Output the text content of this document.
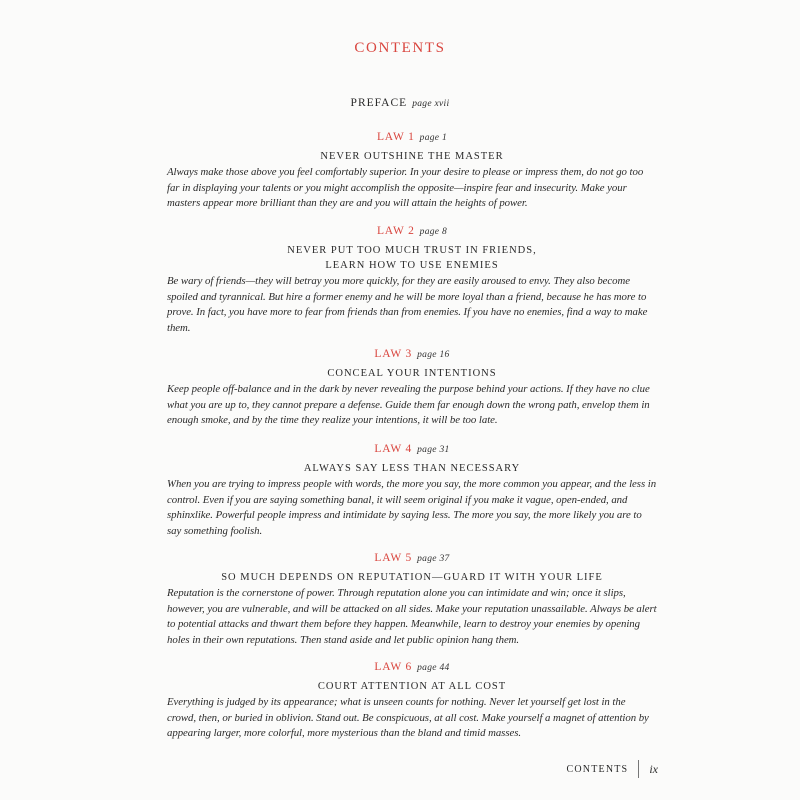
CONTENTS
PREFACE page xvii
LAW 1 page 1
NEVER OUTSHINE THE MASTER
Always make those above you feel comfortably superior. In your desire to please or impress them, do not go too far in displaying your talents or you might accomplish the opposite—inspire fear and insecurity. Make your masters appear more brilliant than they are and you will attain the heights of power.
LAW 2 page 8
NEVER PUT TOO MUCH TRUST IN FRIENDS,
LEARN HOW TO USE ENEMIES
Be wary of friends—they will betray you more quickly, for they are easily aroused to envy. They also become spoiled and tyrannical. But hire a former enemy and he will be more loyal than a friend, because he has more to prove. In fact, you have more to fear from friends than from enemies. If you have no enemies, find a way to make them.
LAW 3 page 16
CONCEAL YOUR INTENTIONS
Keep people off-balance and in the dark by never revealing the purpose behind your actions. If they have no clue what you are up to, they cannot prepare a defense. Guide them far enough down the wrong path, envelop them in enough smoke, and by the time they realize your intentions, it will be too late.
LAW 4 page 31
ALWAYS SAY LESS THAN NECESSARY
When you are trying to impress people with words, the more you say, the more common you appear, and the less in control. Even if you are saying something banal, it will seem original if you make it vague, open-ended, and sphinxlike. Powerful people impress and intimidate by saying less. The more you say, the more likely you are to say something foolish.
LAW 5 page 37
SO MUCH DEPENDS ON REPUTATION—GUARD IT WITH YOUR LIFE
Reputation is the cornerstone of power. Through reputation alone you can intimidate and win; once it slips, however, you are vulnerable, and will be attacked on all sides. Make your reputation unassailable. Always be alert to potential attacks and thwart them before they happen. Meanwhile, learn to destroy your enemies by opening holes in their own reputations. Then stand aside and let public opinion hang them.
LAW 6 page 44
COURT ATTENTION AT ALL COST
Everything is judged by its appearance; what is unseen counts for nothing. Never let yourself get lost in the crowd, then, or buried in oblivion. Stand out. Be conspicuous, at all cost. Make yourself a magnet of attention by appearing larger, more colorful, more mysterious than the bland and timid masses.
CONTENTS ix
